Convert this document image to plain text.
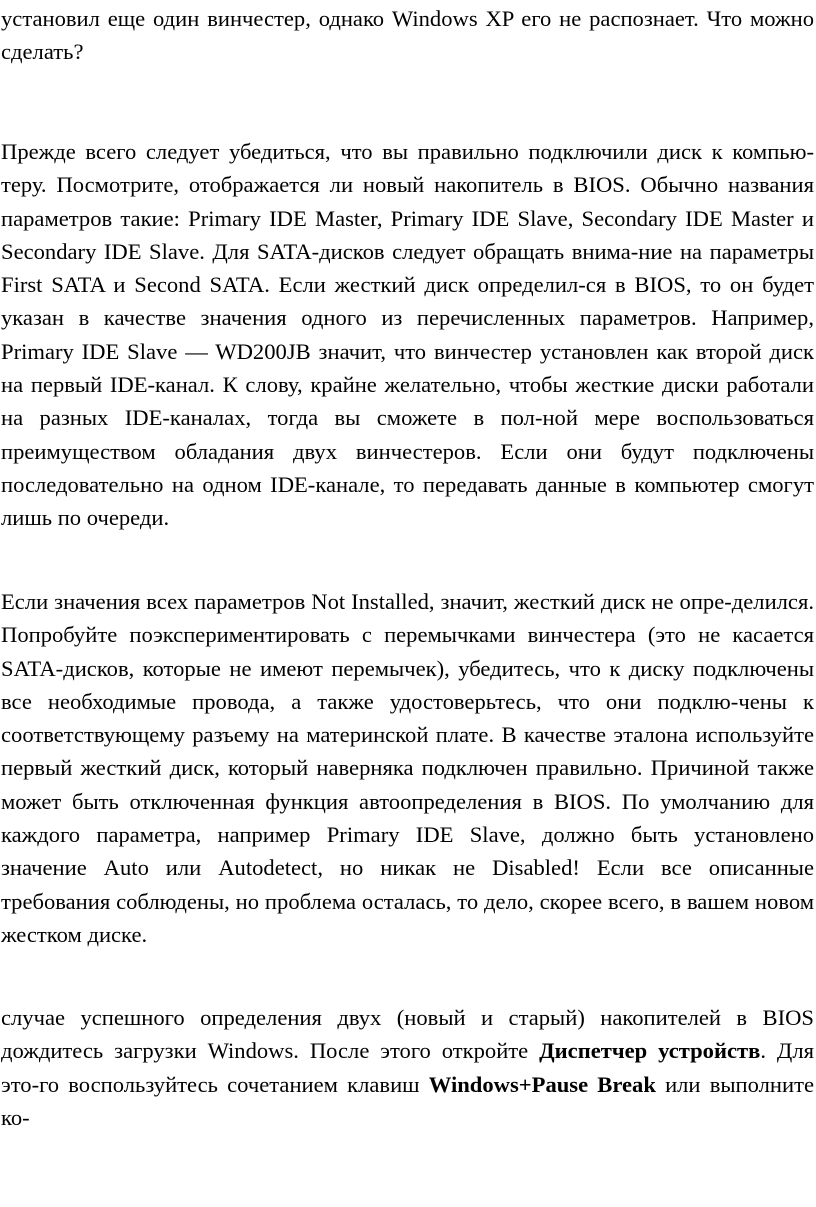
установил еще один винчестер, однако Windows XP его не распознает. Что можно сделать?

Прежде всего следует убедиться, что вы правильно подключили диск к компью-теру. Посмотрите, отображается ли новый накопитель в BIOS. Обычно названия параметров такие: Primary IDE Master, Primary IDE Slave, Secondary IDE Master и Secondary IDE Slave. Для SATA-дисков следует обращать внима-ние на параметры First SATA и Second SATA. Если жесткий диск определил-ся в BIOS, то он будет указан в качестве значения одного из перечисленных параметров. Например, Primary IDE Slave — WD200JB значит, что винчестер установлен как второй диск на первый IDE-канал. К слову, крайне желательно, чтобы жесткие диски работали на разных IDE-каналах, тогда вы сможете в пол-ной мере воспользоваться преимуществом обладания двух винчестеров. Если они будут подключены последовательно на одном IDE-канале, то передавать данные в компьютер смогут лишь по очереди.

Если значения всех параметров Not Installed, значит, жесткий диск не опре-делился. Попробуйте поэкспериментировать с перемычками винчестера (это не касается SATA-дисков, которые не имеют перемычек), убедитесь, что к диску подключены все необходимые провода, а также удостоверьтесь, что они подклю-чены к соответствующему разъему на материнской плате. В качестве эталона используйте первый жесткий диск, который наверняка подключен правильно. Причиной также может быть отключенная функция автоопределения в BIOS. По умолчанию для каждого параметра, например Primary IDE Slave, должно быть установлено значение Auto или Autodetect, но никак не Disabled! Если все описанные требования соблюдены, но проблема осталась, то дело, скорее всего, в вашем новом жестком диске.

случае успешного определения двух (новый и старый) накопителей в BIOS дождитесь загрузки Windows. После этого откройте Диспетчер устройств. Для это-го воспользуйтесь сочетанием клавиш Windows+Pause Break или выполните ко-
